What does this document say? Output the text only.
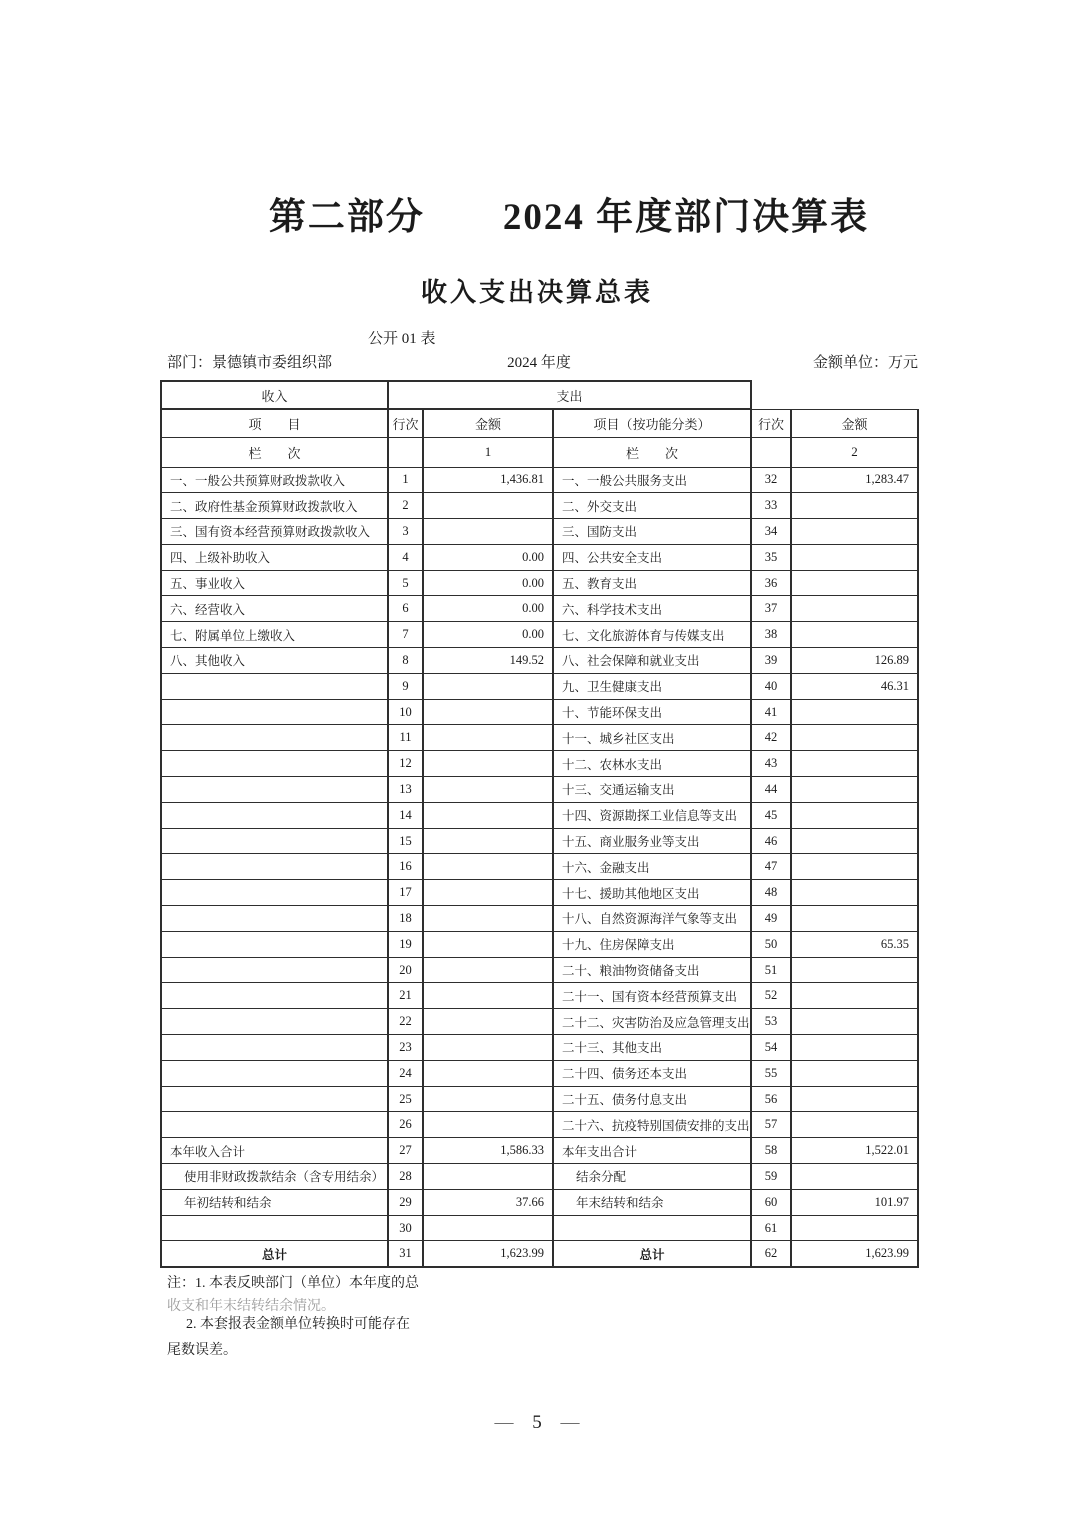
第二部分　　2024 年度部门决算表
收入支出决算总表
公开 01 表
部门：景德镇市委组织部	2024 年度	金额单位：万元
收入	支出				
项　　目	行次	金额	项目（按功能分类）	行次	金额
栏　　次		1	栏　　次		2
一、一般公共预算财政拨款收入	1	1,436.81	一、一般公共服务支出	32	1,283.47
二、政府性基金预算财政拨款收入	2		二、外交支出	33	
三、国有资本经营预算财政拨款收入	3		三、国防支出	34	
四、上级补助收入	4	0.00	四、公共安全支出	35	
五、事业收入	5	0.00	五、教育支出	36	
六、经营收入	6	0.00	六、科学技术支出	37	
七、附属单位上缴收入	7	0.00	七、文化旅游体育与传媒支出	38	
八、其他收入	8	149.52	八、社会保障和就业支出	39	126.89
	9		九、卫生健康支出	40	46.31
	10		十、节能环保支出	41	
	11		十一、城乡社区支出	42	
	12		十二、农林水支出	43	
	13		十三、交通运输支出	44	
	14		十四、资源勘探工业信息等支出	45	
	15		十五、商业服务业等支出	46	
	16		十六、金融支出	47	
	17		十七、援助其他地区支出	48	
	18		十八、自然资源海洋气象等支出	49	
	19		十九、住房保障支出	50	65.35
	20		二十、粮油物资储备支出	51	
	21		二十一、国有资本经营预算支出	52	
	22		二十二、灾害防治及应急管理支出	53	
	23		二十三、其他支出	54	
	24		二十四、债务还本支出	55	
	25		二十五、债务付息支出	56	
	26		二十六、抗疫特别国债安排的支出	57	
本年收入合计	27	1,586.33	本年支出合计	58	1,522.01
使用非财政拨款结余（含专用结余）	28		结余分配	59	
年初结转和结余	29	37.66	年末结转和结余	60	101.97
	30			61	
总计	31	1,623.99	总计	62	1,623.99
注：1. 本表反映部门（单位）本年度的总
收支和年末结转结余情况。
2. 本套报表金额单位转换时可能存在
尾数误差。
— 5 —
